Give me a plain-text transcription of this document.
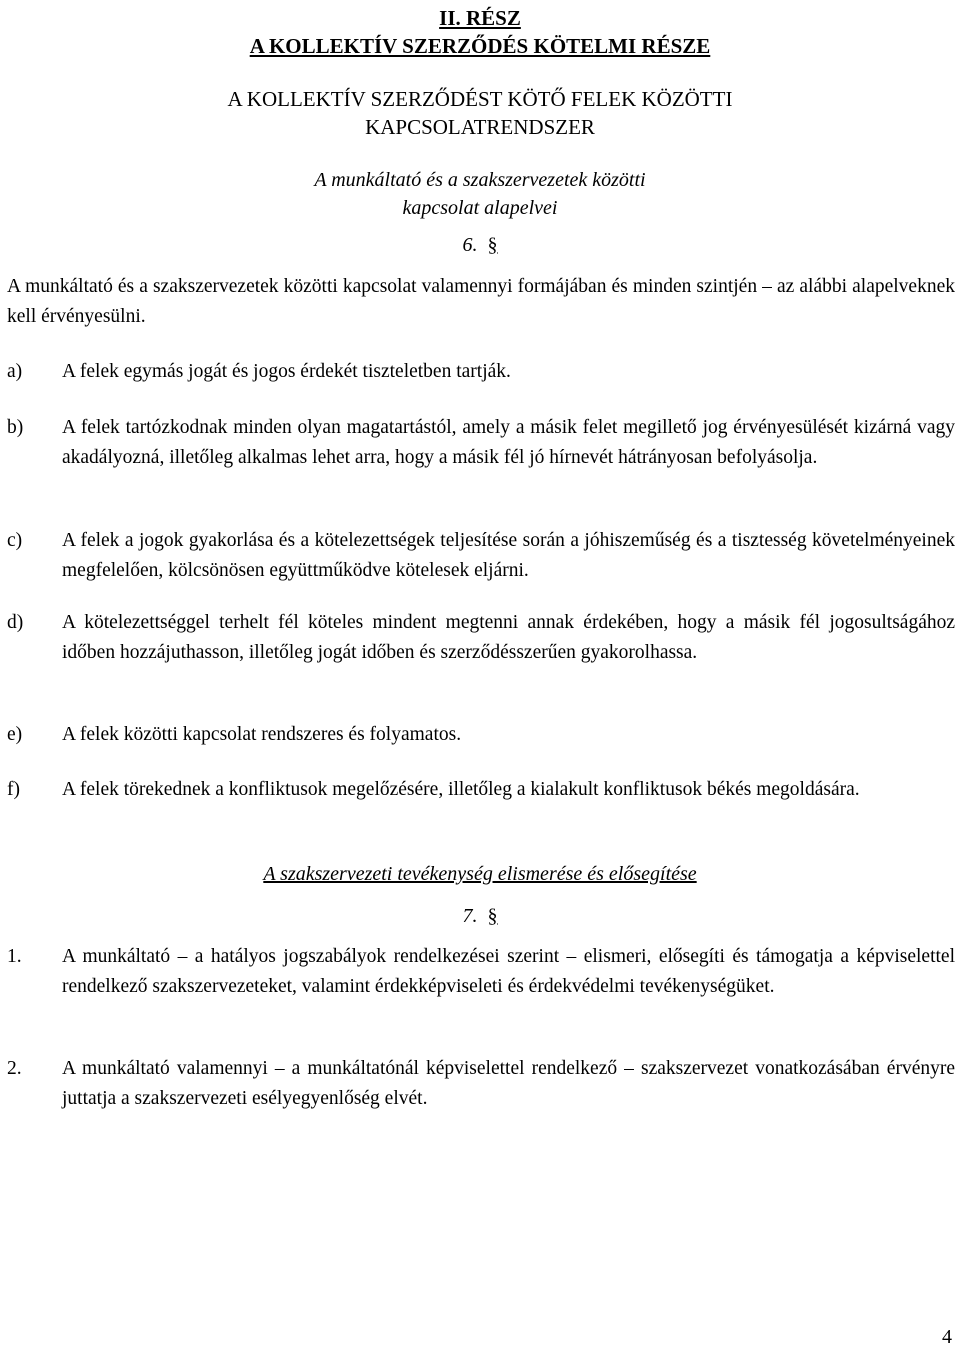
II. RÉSZ
A KOLLEKTÍV SZERZŐDÉS KÖTELMI RÉSZE
A KOLLEKTÍV SZERZŐDÉST KÖTŐ FELEK KÖZÖTTI
KAPCSOLATRENDSZER
A munkáltató és a szakszervezetek közötti
kapcsolat alapelvei
6. §
A munkáltató és a szakszervezetek közötti kapcsolat valamennyi formájában és minden szintjén – az alábbi alapelveknek kell érvényesülni.
a)	A felek egymás jogát és jogos érdekét tiszteletben tartják.
b)	A felek tartózkodnak minden olyan magatartástól, amely a másik felet megillető jog érvényesülését kizárná vagy akadályozná, illetőleg alkalmas lehet arra, hogy a másik fél jó hírnevét hátrányosan befolyásolja.
c)	A felek a jogok gyakorlása és a kötelezettségek teljesítése során a jóhiszeműség és a tisztesség követelményeinek megfelelően, kölcsönösen együttműködve kötelesek eljárni.
d)	A kötelezettséggel terhelt fél köteles mindent megtenni annak érdekében, hogy a másik fél jogosultságához időben hozzájuthasson, illetőleg jogát időben és szerződésszerűen gyakorolhassa.
e)	A felek közötti kapcsolat rendszeres és folyamatos.
f)	A felek törekednek a konfliktusok megelőzésére, illetőleg a kialakult konfliktusok békés megoldására.
A szakszervezeti tevékenység elismerése és elősegítése
7. §
1.	A munkáltató – a hatályos jogszabályok rendelkezései szerint – elismeri, elősegíti és támogatja a képviselettel rendelkező szakszervezeteket, valamint érdekképviseleti és érdekvédelmi tevékenységüket.
2.	A munkáltató valamennyi – a munkáltatónál képviselettel rendelkező – szakszervezet vonatkozásában érvényre juttatja a szakszervezeti esélyegyenlőség elvét.
4
